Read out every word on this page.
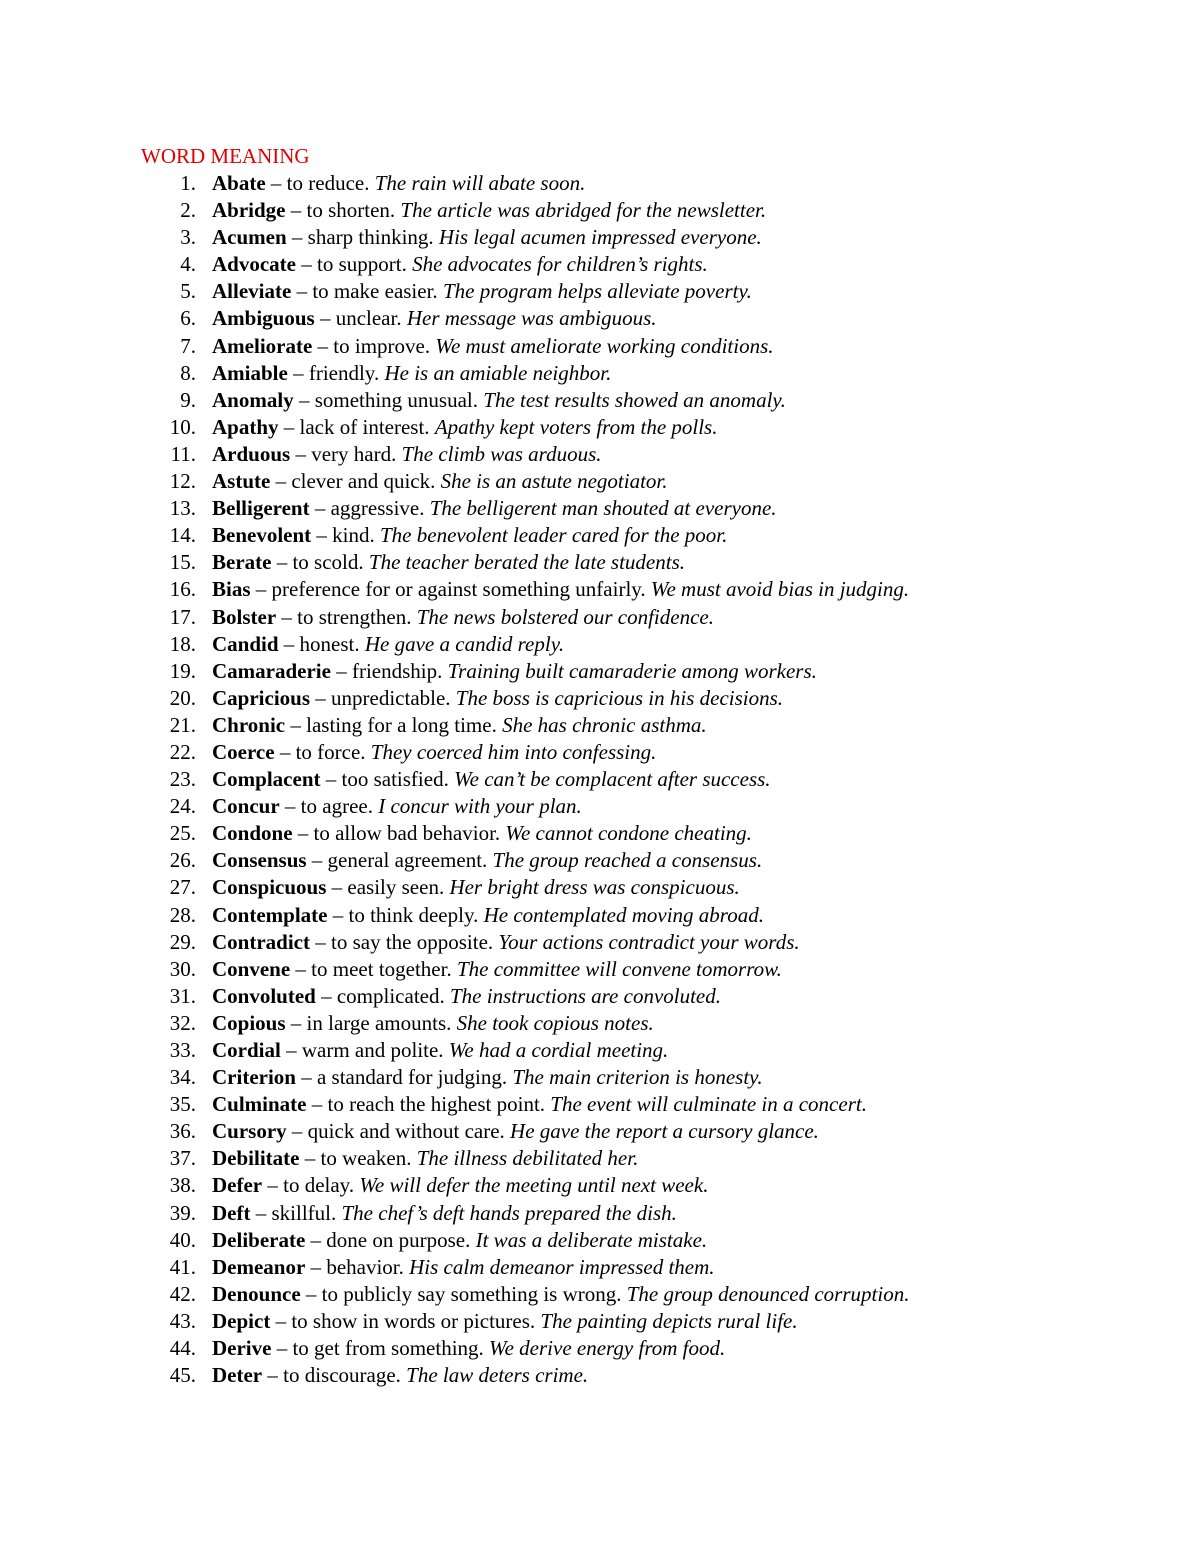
WORD MEANING
1. Abate – to reduce. The rain will abate soon.
2. Abridge – to shorten. The article was abridged for the newsletter.
3. Acumen – sharp thinking. His legal acumen impressed everyone.
4. Advocate – to support. She advocates for children’s rights.
5. Alleviate – to make easier. The program helps alleviate poverty.
6. Ambiguous – unclear. Her message was ambiguous.
7. Ameliorate – to improve. We must ameliorate working conditions.
8. Amiable – friendly. He is an amiable neighbor.
9. Anomaly – something unusual. The test results showed an anomaly.
10. Apathy – lack of interest. Apathy kept voters from the polls.
11. Arduous – very hard. The climb was arduous.
12. Astute – clever and quick. She is an astute negotiator.
13. Belligerent – aggressive. The belligerent man shouted at everyone.
14. Benevolent – kind. The benevolent leader cared for the poor.
15. Berate – to scold. The teacher berated the late students.
16. Bias – preference for or against something unfairly. We must avoid bias in judging.
17. Bolster – to strengthen. The news bolstered our confidence.
18. Candid – honest. He gave a candid reply.
19. Camaraderie – friendship. Training built camaraderie among workers.
20. Capricious – unpredictable. The boss is capricious in his decisions.
21. Chronic – lasting for a long time. She has chronic asthma.
22. Coerce – to force. They coerced him into confessing.
23. Complacent – too satisfied. We can’t be complacent after success.
24. Concur – to agree. I concur with your plan.
25. Condone – to allow bad behavior. We cannot condone cheating.
26. Consensus – general agreement. The group reached a consensus.
27. Conspicuous – easily seen. Her bright dress was conspicuous.
28. Contemplate – to think deeply. He contemplated moving abroad.
29. Contradict – to say the opposite. Your actions contradict your words.
30. Convene – to meet together. The committee will convene tomorrow.
31. Convoluted – complicated. The instructions are convoluted.
32. Copious – in large amounts. She took copious notes.
33. Cordial – warm and polite. We had a cordial meeting.
34. Criterion – a standard for judging. The main criterion is honesty.
35. Culminate – to reach the highest point. The event will culminate in a concert.
36. Cursory – quick and without care. He gave the report a cursory glance.
37. Debilitate – to weaken. The illness debilitated her.
38. Defer – to delay. We will defer the meeting until next week.
39. Deft – skillful. The chef’s deft hands prepared the dish.
40. Deliberate – done on purpose. It was a deliberate mistake.
41. Demeanor – behavior. His calm demeanor impressed them.
42. Denounce – to publicly say something is wrong. The group denounced corruption.
43. Depict – to show in words or pictures. The painting depicts rural life.
44. Derive – to get from something. We derive energy from food.
45. Deter – to discourage. The law deters crime.
